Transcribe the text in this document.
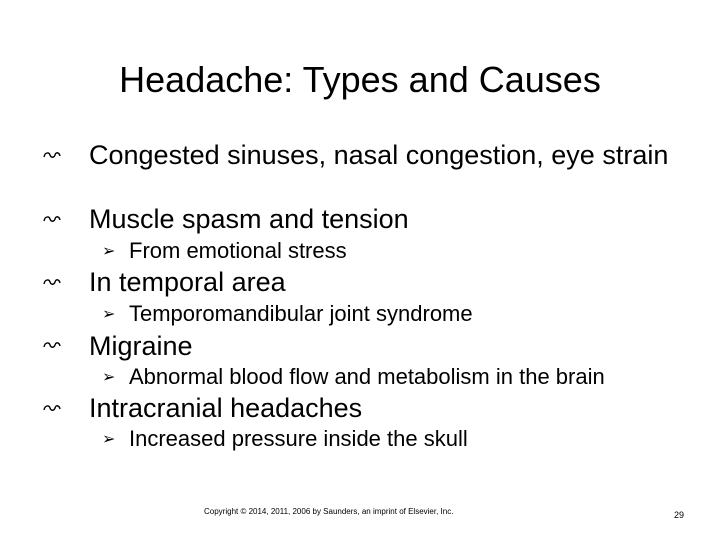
Headache: Types and Causes
Congested sinuses, nasal congestion, eye strain
Muscle spasm and tension
➢ From emotional stress
In temporal area
➢ Temporomandibular joint syndrome
Migraine
➢ Abnormal blood flow and metabolism in the brain
Intracranial headaches
➢ Increased pressure inside the skull
Copyright © 2014, 2011, 2006 by Saunders, an imprint of Elsevier, Inc.	29
